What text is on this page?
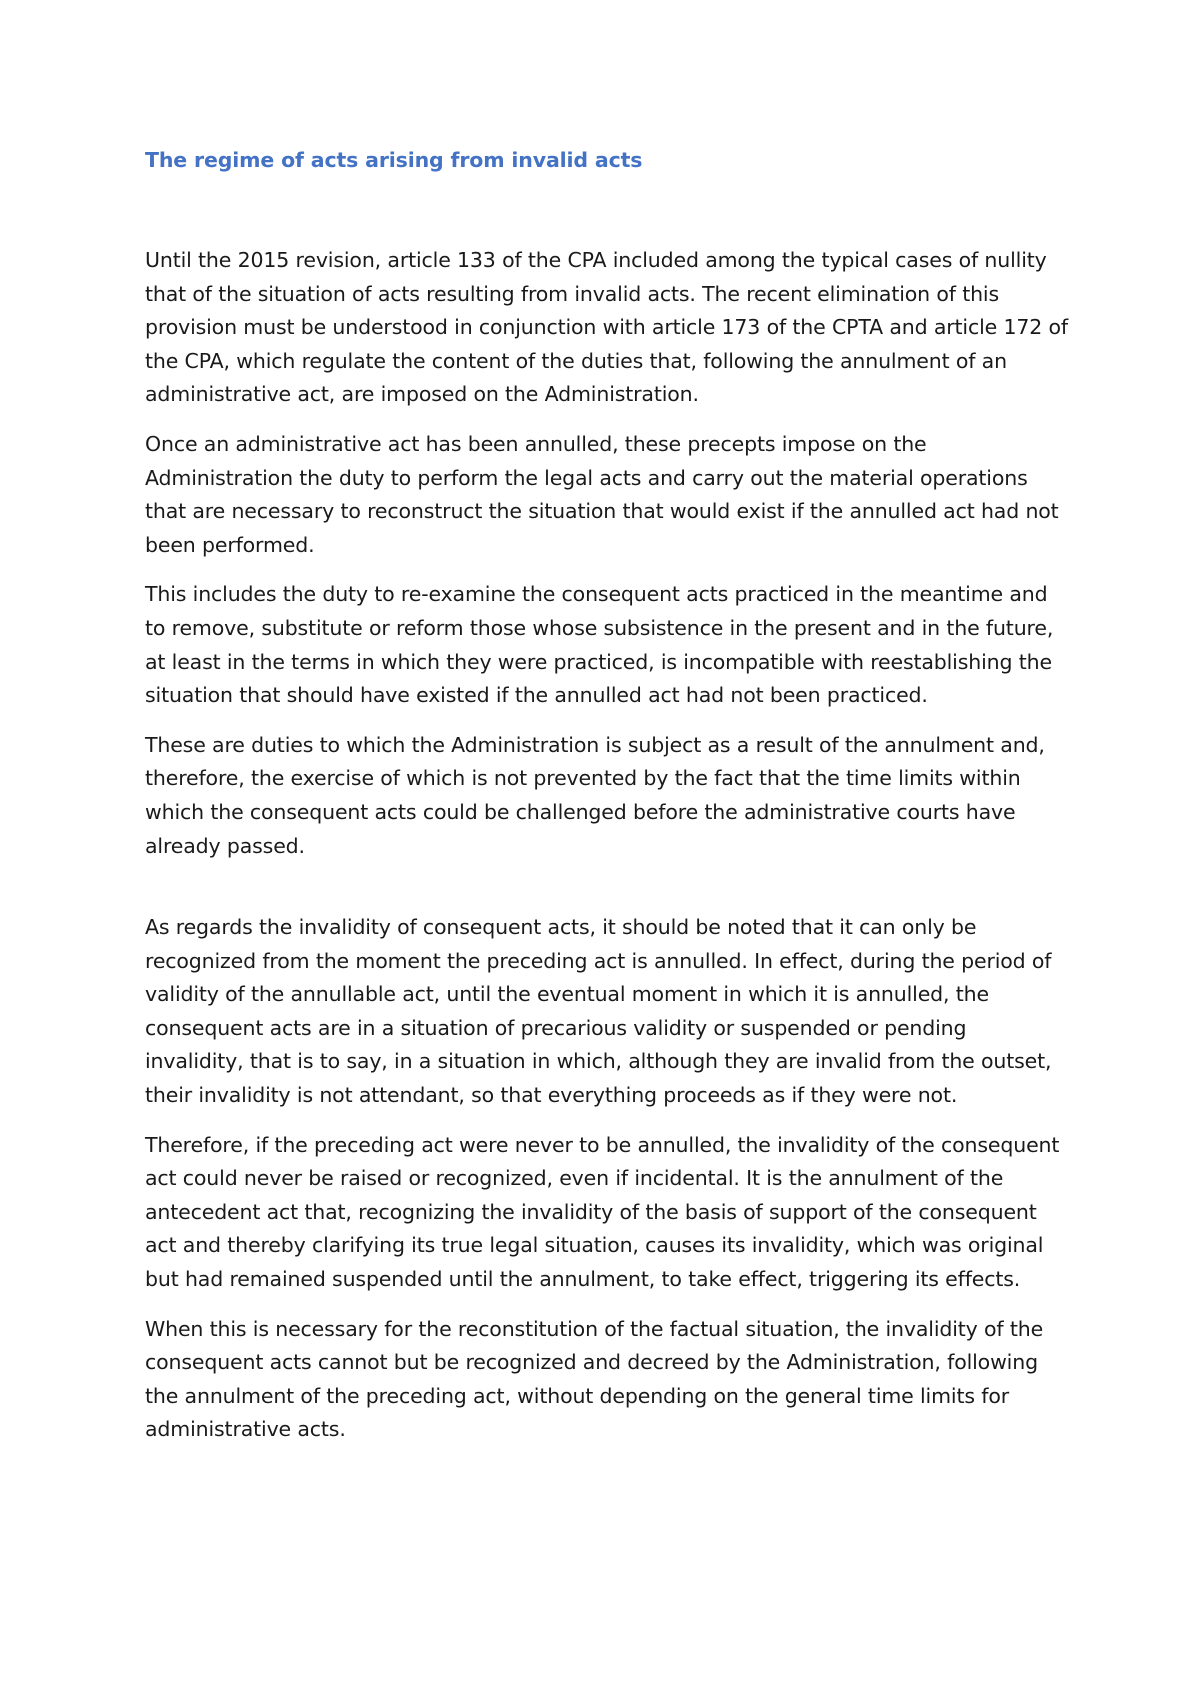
The regime of acts arising from invalid acts

Until the 2015 revision, article 133 of the CPA included among the typical cases of nullity that of the situation of acts resulting from invalid acts. The recent elimination of this provision must be understood in conjunction with article 173 of the CPTA and article 172 of the CPA, which regulate the content of the duties that, following the annulment of an administrative act, are imposed on the Administration.

Once an administrative act has been annulled, these precepts impose on the Administration the duty to perform the legal acts and carry out the material operations that are necessary to reconstruct the situation that would exist if the annulled act had not been performed.

This includes the duty to re-examine the consequent acts practiced in the meantime and to remove, substitute or reform those whose subsistence in the present and in the future, at least in the terms in which they were practiced, is incompatible with reestablishing the situation that should have existed if the annulled act had not been practiced.

These are duties to which the Administration is subject as a result of the annulment and, therefore, the exercise of which is not prevented by the fact that the time limits within which the consequent acts could be challenged before the administrative courts have already passed.

As regards the invalidity of consequent acts, it should be noted that it can only be recognized from the moment the preceding act is annulled. In effect, during the period of validity of the annullable act, until the eventual moment in which it is annulled, the consequent acts are in a situation of precarious validity or suspended or pending invalidity, that is to say, in a situation in which, although they are invalid from the outset, their invalidity is not attendant, so that everything proceeds as if they were not.

Therefore, if the preceding act were never to be annulled, the invalidity of the consequent act could never be raised or recognized, even if incidental. It is the annulment of the antecedent act that, recognizing the invalidity of the basis of support of the consequent act and thereby clarifying its true legal situation, causes its invalidity, which was original but had remained suspended until the annulment, to take effect, triggering its effects.

When this is necessary for the reconstitution of the factual situation, the invalidity of the consequent acts cannot but be recognized and decreed by the Administration, following the annulment of the preceding act, without depending on the general time limits for administrative acts.
